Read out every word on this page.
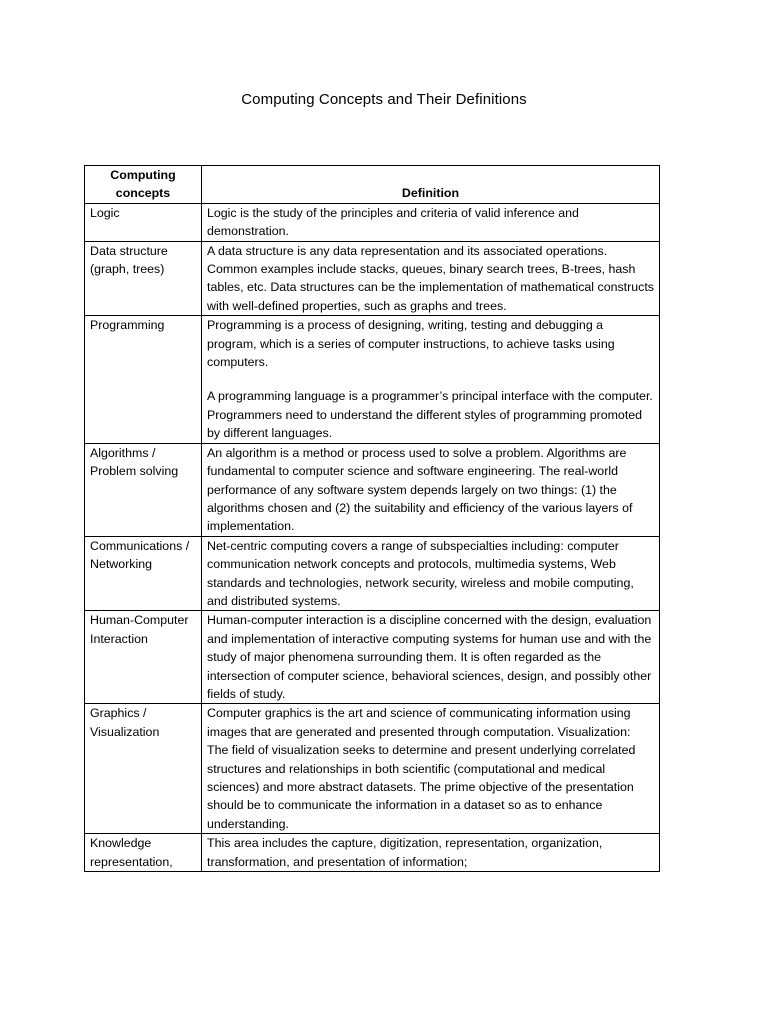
Computing Concepts and Their Definitions
Computing concepts	Definition
Logic	Logic is the study of the principles and criteria of valid inference and demonstration.
Data structure (graph, trees)	A data structure is any data representation and its associated operations. Common examples include stacks, queues, binary search trees, B-trees, hash tables, etc. Data structures can be the implementation of mathematical constructs with well-defined properties, such as graphs and trees.
Programming	Programming is a process of designing, writing, testing and debugging a program, which is a series of computer instructions, to achieve tasks using computers.
A programming language is a programmer’s principal interface with the computer. Programmers need to understand the different styles of programming promoted by different languages.
Algorithms / Problem solving	An algorithm is a method or process used to solve a problem. Algorithms are fundamental to computer science and software engineering. The real-world performance of any software system depends largely on two things: (1) the algorithms chosen and (2) the suitability and efficiency of the various layers of implementation.
Communications / Networking	Net-centric computing covers a range of subspecialties including: computer communication network concepts and protocols, multimedia systems, Web standards and technologies, network security, wireless and mobile computing, and distributed systems.
Human-Computer Interaction	Human-computer interaction is a discipline concerned with the design, evaluation and implementation of interactive computing systems for human use and with the study of major phenomena surrounding them. It is often regarded as the intersection of computer science, behavioral sciences, design, and possibly other fields of study.
Graphics / Visualization	Computer graphics is the art and science of communicating information using images that are generated and presented through computation. Visualization: The field of visualization seeks to determine and present underlying correlated structures and relationships in both scientific (computational and medical sciences) and more abstract datasets. The prime objective of the presentation should be to communicate the information in a dataset so as to enhance understanding.
Knowledge representation,	This area includes the capture, digitization, representation, organization, transformation, and presentation of information;
